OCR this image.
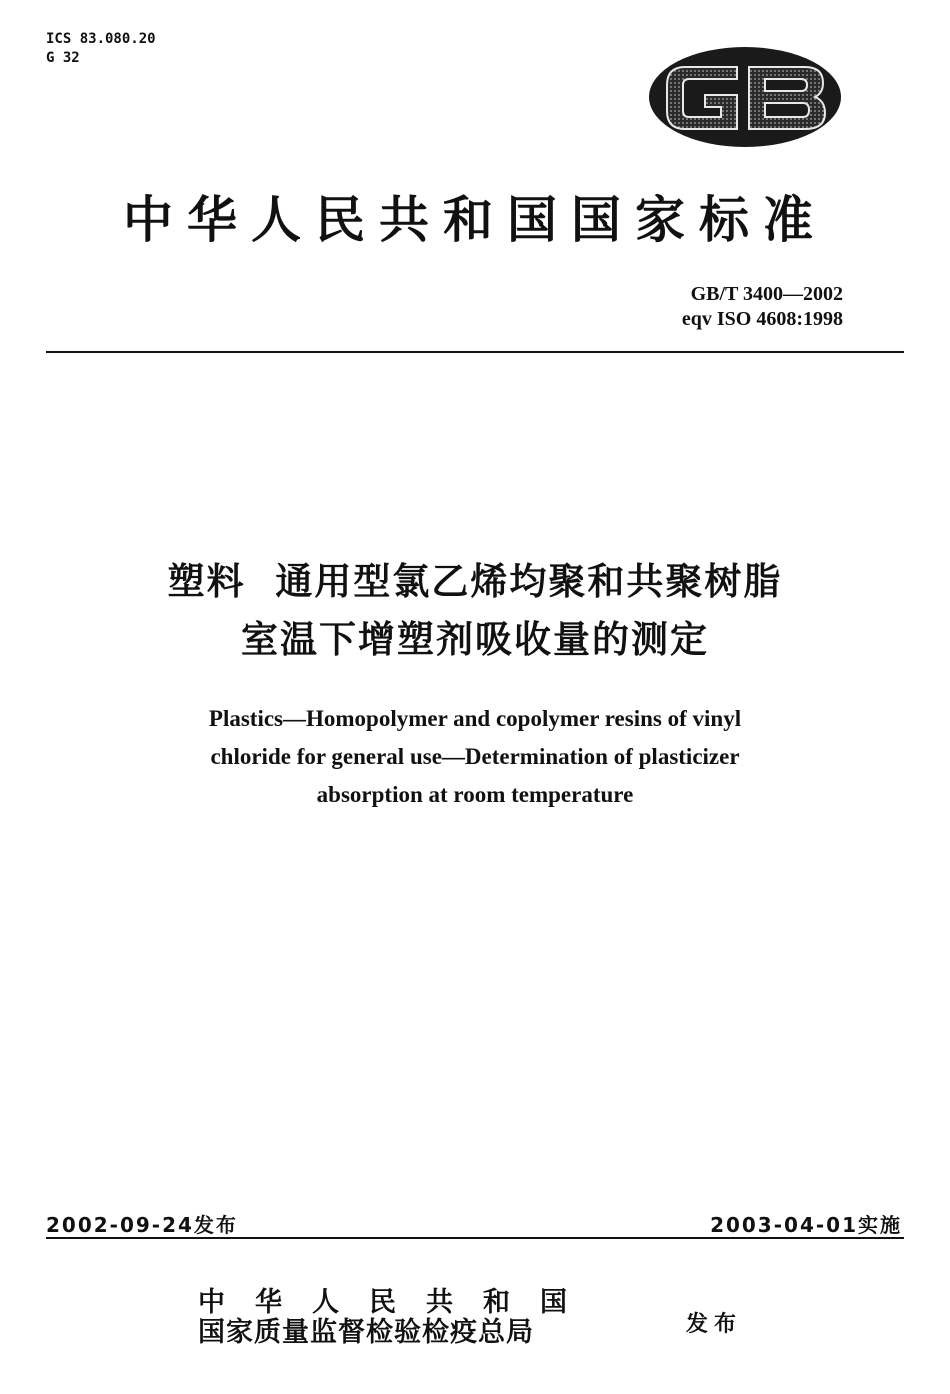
ICS 83.080.20
G 32
中华人民共和国国家标准
GB/T 3400—2002
eqv ISO 4608:1998
塑料  通用型氯乙烯均聚和共聚树脂
室温下增塑剂吸收量的测定
Plastics—Homopolymer and copolymer resins of vinyl
chloride for general use—Determination of plasticizer
absorption at room temperature
2002-09-24发布	2003-04-01实施
中华人民共和国
国家质量监督检验检疫总局	发布
